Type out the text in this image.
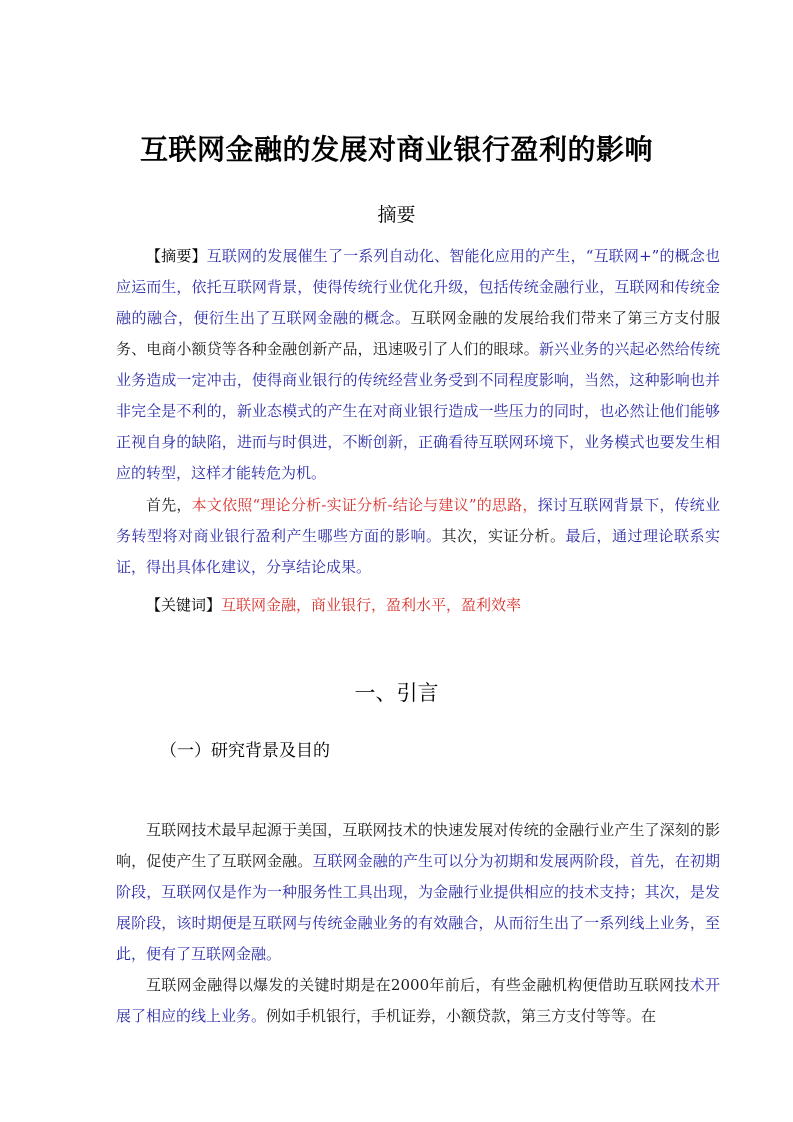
互联网金融的发展对商业银行盈利的影响
摘要
【摘要】互联网的发展催生了一系列自动化、智能化应用的产生，“互联网+”的概念也应运而生，依托互联网背景，使得传统行业优化升级，包括传统金融行业，互联网和传统金融的融合，便衍生出了互联网金融的概念。互联网金融的发展给我们带来了第三方支付服务、电商小额贷等各种金融创新产品，迅速吸引了人们的眼球。新兴业务的兴起必然给传统业务造成一定冲击，使得商业银行的传统经营业务受到不同程度影响，当然，这种影响也并非完全是不利的，新业态模式的产生在对商业银行造成一些压力的同时，也必然让他们能够正视自身的缺陷，进而与时俱进，不断创新，正确看待互联网环境下，业务模式也要发生相应的转型，这样才能转危为机。
首先，本文依照“理论分析-实证分析-结论与建议”的思路，探讨互联网背景下，传统业务转型将对商业银行盈利产生哪些方面的影响。其次，实证分析。最后，通过理论联系实证，得出具体化建议，分享结论成果。
【关键词】互联网金融，商业银行，盈利水平，盈利效率
一、引言
（一）研究背景及目的
互联网技术最早起源于美国，互联网技术的快速发展对传统的金融行业产生了深刻的影响，促使产生了互联网金融。互联网金融的产生可以分为初期和发展两阶段，首先，在初期阶段，互联网仅是作为一种服务性工具出现，为金融行业提供相应的技术支持；其次，是发展阶段，该时期便是互联网与传统金融业务的有效融合，从而衍生出了一系列线上业务，至此，便有了互联网金融。
互联网金融得以爆发的关键时期是在2000年前后，有些金融机构便借助互联网技术开展了相应的线上业务。例如手机银行，手机证券，小额贷款，第三方支付等等。在
